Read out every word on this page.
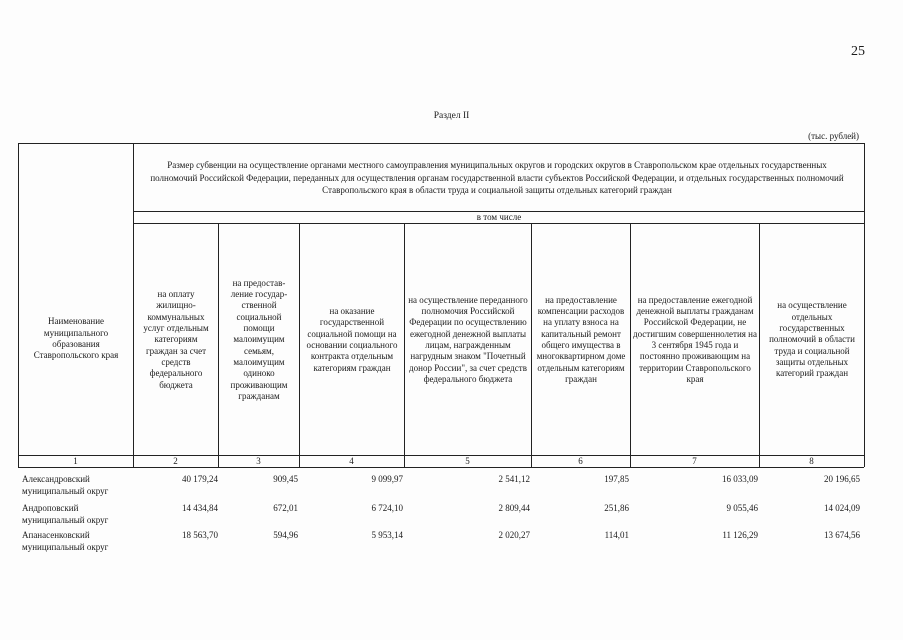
25
Раздел II
(тыс. рублей)
Размер субвенции на осуществление органами местного самоуправления муниципальных округов и городских округов в Ставропольском крае отдельных государственных полномочий Российской Федерации, переданных для осуществления органам государственной власти субъектов Российской Федерации, и отдельных государственных полномочий Ставропольского края в области труда и социальной защиты отдельных категорий граждан
в том числе
Наименование муниципального образования Ставропольского края
на оплату жилищно-коммунальных услуг отдельным категориям граждан за счет средств федерального бюджета
на предостав-ление государ-ственной социальной помощи малоимущим семьям, малоимущим одиноко проживающим гражданам
на оказание государственной социальной помощи на основании социального контракта отдельным категориям граждан
на осуществление переданного полномочия Российской Федерации по осуществлению ежегодной денежной выплаты лицам, награжденным нагрудным знаком "Почетный донор России", за счет средств федерального бюджета
на предоставление компенсации расходов на уплату взноса на капитальный ремонт общего имущества в многоквартирном доме отдельным категориям граждан
на предоставление ежегодной денежной выплаты гражданам Российской Федерации, не достигшим совершеннолетия на 3 сентября 1945 года и постоянно проживающим на территории Ставропольского края
на осуществление отдельных государственных полномочий в области труда и социальной защиты отдельных категорий граждан
1	2	3	4	5	6	7	8
Александровский муниципальный округ
40 179,24	909,45	9 099,97	2 541,12	197,85	16 033,09	20 196,65
Андроповский муниципальный округ
14 434,84	672,01	6 724,10	2 809,44	251,86	9 055,46	14 024,09
Апанасенковский муниципальный округ
18 563,70	594,96	5 953,14	2 020,27	114,01	11 126,29	13 674,56
